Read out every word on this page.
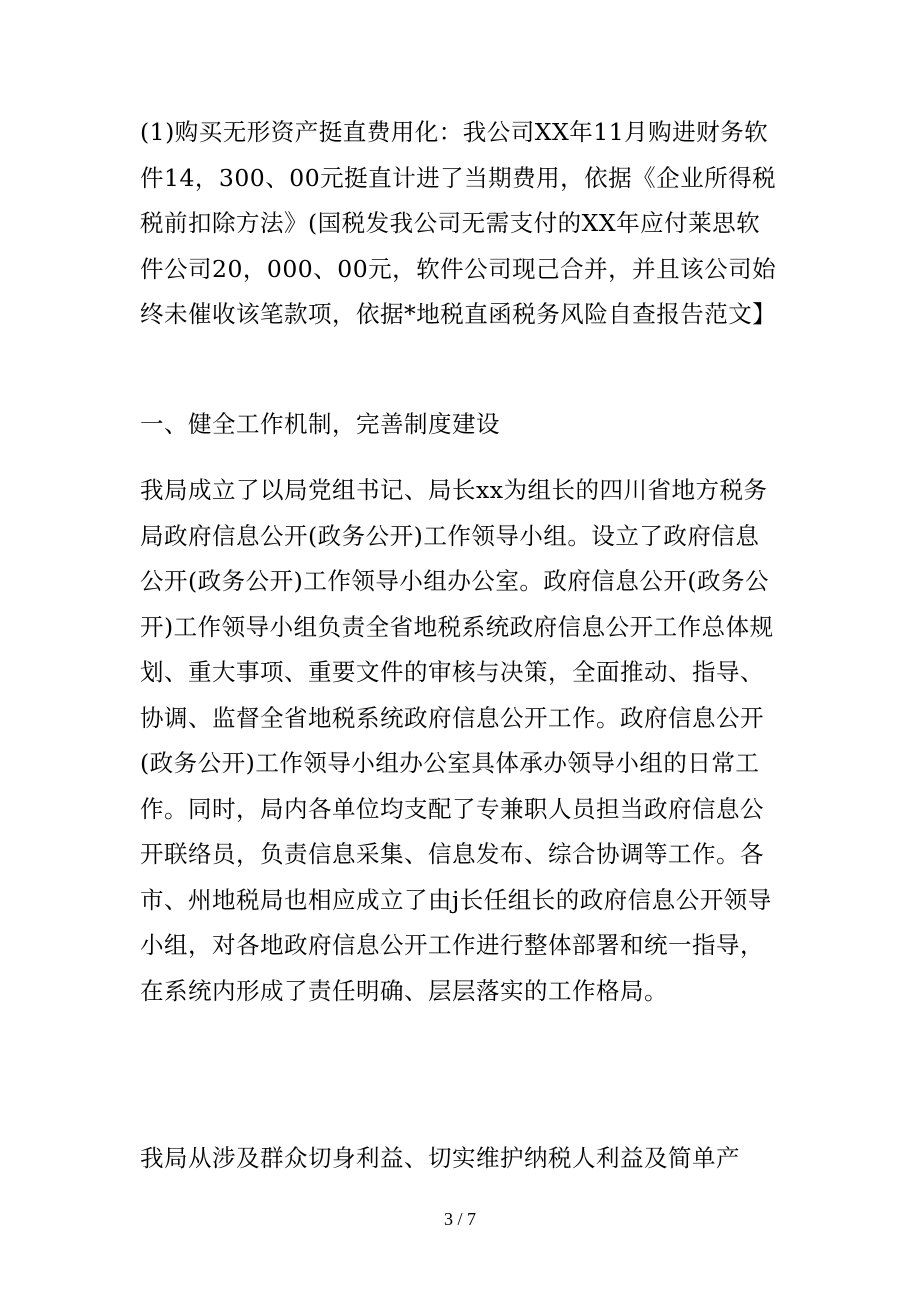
(1)购买无形资产挺直费用化：我公司XX年11月购进财务软件14，300、00元挺直计进了当期费用，依据《企业所得税税前扣除方法》(国税发我公司无需支付的XX年应付莱思软件公司20，000、00元，软件公司现己合并，并且该公司始终未催收该笔款项，依据*地税直函税务风险自查报告范文】

一、健全工作机制，完善制度建设

我局成立了以局党组书记、局长xx为组长的四川省地方税务局政府信息公开(政务公开)工作领导小组。设立了政府信息公开(政务公开)工作领导小组办公室。政府信息公开(政务公开)工作领导小组负责全省地税系统政府信息公开工作总体规划、重大事项、重要文件的审核与决策，全面推动、指导、协调、监督全省地税系统政府信息公开工作。政府信息公开(政务公开)工作领导小组办公室具体承办领导小组的日常工作。同时，局内各单位均支配了专兼职人员担当政府信息公开联络员，负责信息采集、信息发布、综合协调等工作。各市、州地税局也相应成立了由j长任组长的政府信息公开领导小组，对各地政府信息公开工作进行整体部署和统一指导，在系统内形成了责任明确、层层落实的工作格局。

我局从涉及群众切身利益、切实维护纳税人利益及简单产

3 / 7
